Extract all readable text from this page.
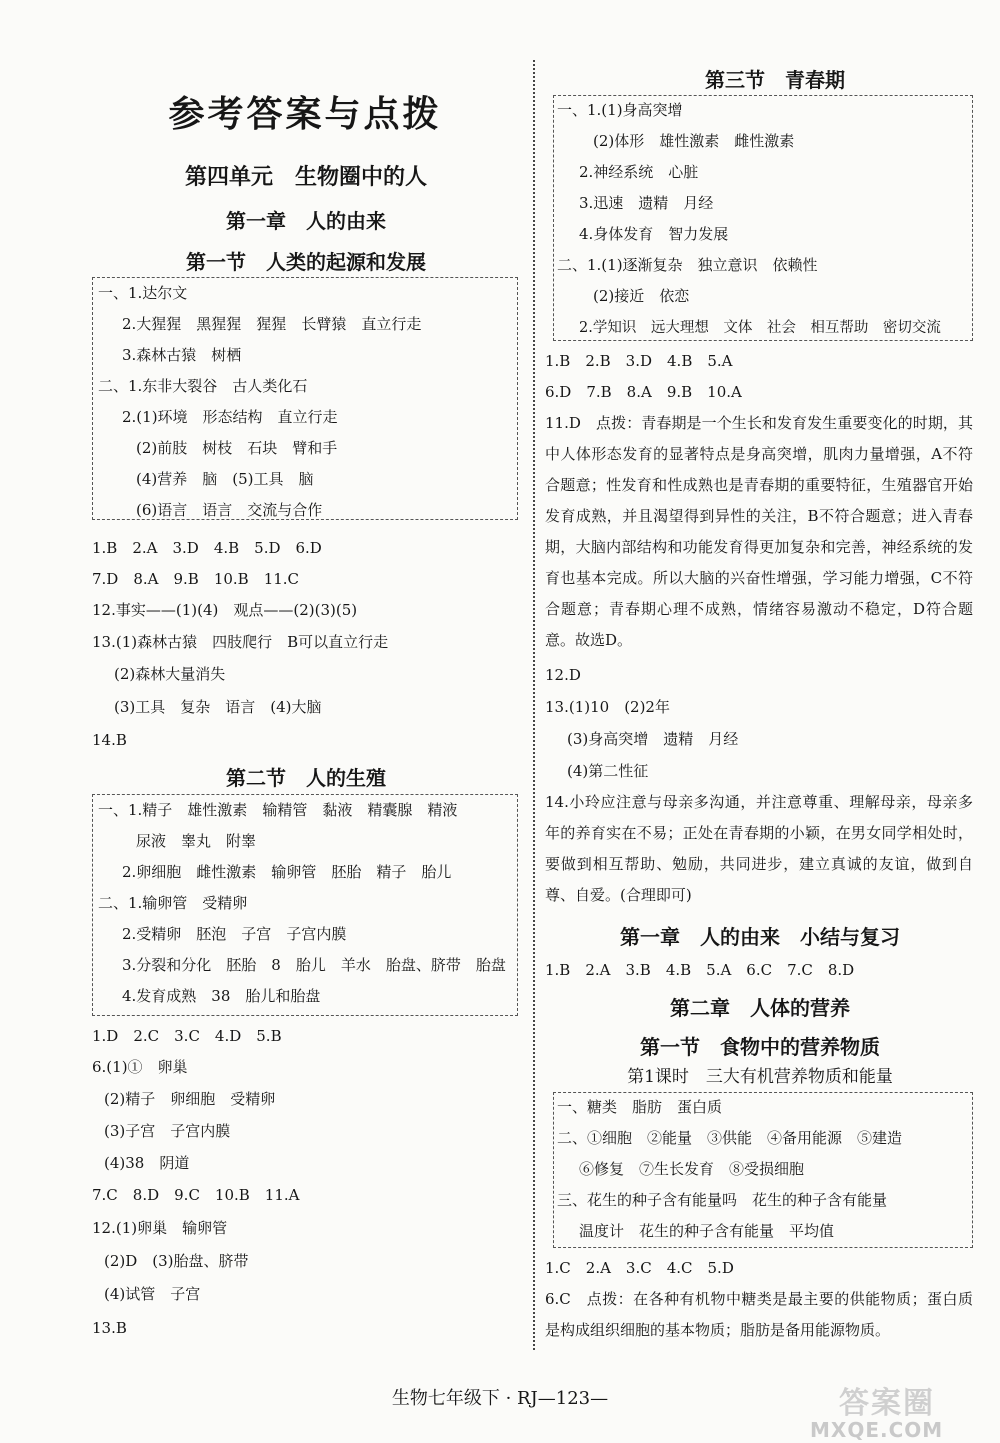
参考答案与点拨
第四单元　生物圈中的人
第一章　人的由来
第一节　人类的起源和发展
一、1.达尔文
2.大猩猩　黑猩猩　猩猩　长臂猿　直立行走
3.森林古猿　树栖
二、1.东非大裂谷　古人类化石
2.(1)环境　形态结构　直立行走
(2)前肢　树枝　石块　臂和手
(4)营养　脑　(5)工具　脑
(6)语言　语言　交流与合作
1.B　2.A　3.D　4.B　5.D　6.D
7.D　8.A　9.B　10.B　11.C
12.事实——(1)(4)　观点——(2)(3)(5)
13.(1)森林古猿　四肢爬行　B可以直立行走
(2)森林大量消失
(3)工具　复杂　语言　(4)大脑
14.B
第二节　人的生殖
一、1.精子　雄性激素　输精管　黏液　精囊腺　精液
尿液　睾丸　附睾
2.卵细胞　雌性激素　输卵管　胚胎　精子　胎儿
二、1.输卵管　受精卵
2.受精卵　胚泡　子宫　子宫内膜
3.分裂和分化　胚胎　8　胎儿　羊水　胎盘、脐带　胎盘
4.发育成熟　38　胎儿和胎盘
1.D　2.C　3.C　4.D　5.B
6.(1)①　卵巢
(2)精子　卵细胞　受精卵
(3)子宫　子宫内膜
(4)38　阴道
7.C　8.D　9.C　10.B　11.A
12.(1)卵巢　输卵管
(2)D　(3)胎盘、脐带
(4)试管　子宫
13.B
第三节　青春期
一、1.(1)身高突增
(2)体形　雄性激素　雌性激素
2.神经系统　心脏
3.迅速　遗精　月经
4.身体发育　智力发展
二、1.(1)逐渐复杂　独立意识　依赖性
(2)接近　依恋
2.学知识　远大理想　文体　社会　相互帮助　密切交流
1.B　2.B　3.D　4.B　5.A
6.D　7.B　8.A　9.B　10.A
11.D　点拨：青春期是一个生长和发育发生重要变化的时期，其中人体形态发育的显著特点是身高突增，肌肉力量增强，A不符合题意；性发育和性成熟也是青春期的重要特征，生殖器官开始发育成熟，并且渴望得到异性的关注，B不符合题意；进入青春期，大脑内部结构和功能发育得更加复杂和完善，神经系统的发育也基本完成。所以大脑的兴奋性增强，学习能力增强，C不符合题意；青春期心理不成熟，情绪容易激动不稳定，D符合题意。故选D。
12.D
13.(1)10　(2)2年
(3)身高突增　遗精　月经
(4)第二性征
14.小玲应注意与母亲多沟通，并注意尊重、理解母亲，母亲多年的养育实在不易；正处在青春期的小颖，在男女同学相处时，要做到相互帮助、勉励，共同进步，建立真诚的友谊，做到自尊、自爱。(合理即可)
第一章　人的由来　小结与复习
1.B　2.A　3.B　4.B　5.A　6.C　7.C　8.D
第二章　人体的营养
第一节　食物中的营养物质
第1课时　三大有机营养物质和能量
一、糖类　脂肪　蛋白质
二、①细胞　②能量　③供能　④备用能源　⑤建造
⑥修复　⑦生长发育　⑧受损细胞
三、花生的种子含有能量吗　花生的种子含有能量
温度计　花生的种子含有能量　平均值
1.C　2.A　3.C　4.C　5.D
6.C　点拨：在各种有机物中糖类是最主要的供能物质；蛋白质是构成组织细胞的基本物质；脂肪是备用能源物质。
生物七年级下 · RJ—123—	答案圈
MXQE.COM
